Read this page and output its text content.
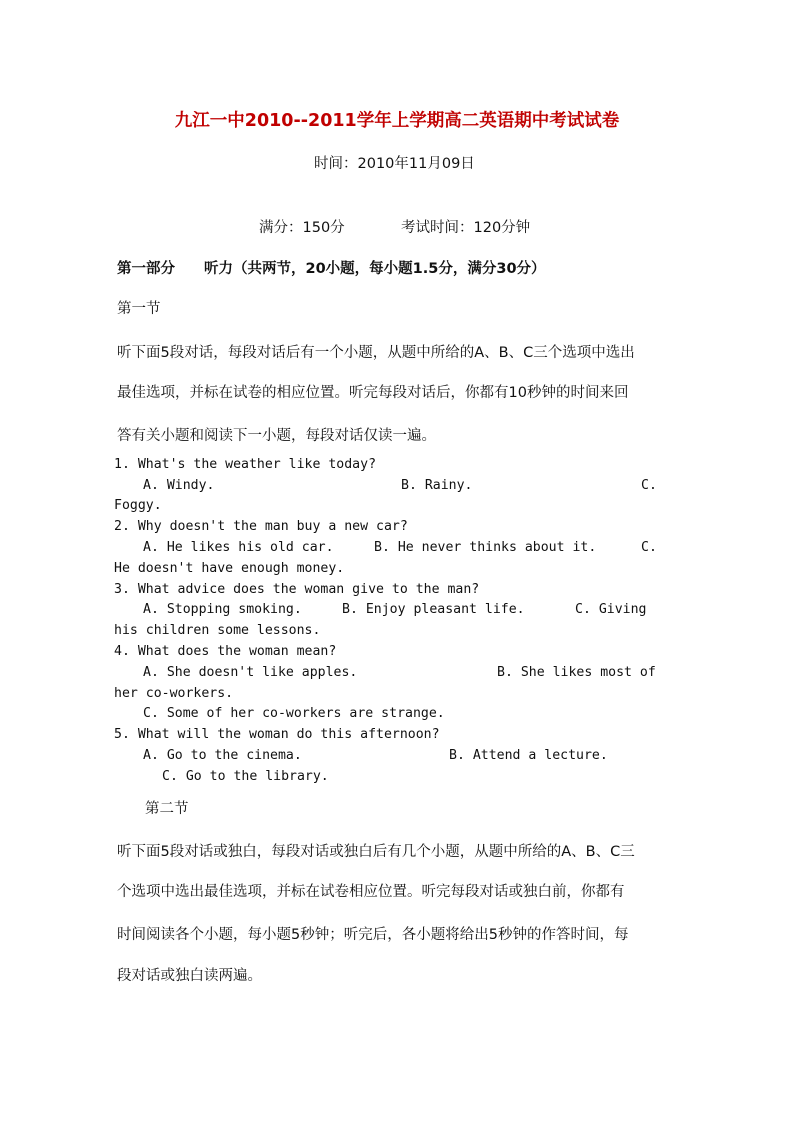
九江一中2010--2011学年上学期高二英语期中考试试卷
时间：2010年11月09日
满分：150分	考试时间：120分钟
第一部分　　听力（共两节，20小题，每小题1.5分，满分30分）
第一节
听下面5段对话，每段对话后有一个小题，从题中所给的A、B、C三个选项中选出
最佳选项，并标在试卷的相应位置。听完每段对话后，你都有10秒钟的时间来回
答有关小题和阅读下一小题，每段对话仅读一遍。
1. What's the weather like today?
A. Windy.	B. Rainy.	C.
Foggy.
2. Why doesn't the man buy a new car?
A. He likes his old car.	B. He never thinks about it.	C.
He doesn't have enough money.
3. What advice does the woman give to the man?
A. Stopping smoking.	B. Enjoy pleasant life.	C. Giving
his children some lessons.
4. What does the woman mean?
A. She doesn't like apples.	B. She likes most of
her co-workers.
C. Some of her co-workers are strange.
5. What will the woman do this afternoon?
A. Go to the cinema.	B. Attend a lecture.
C. Go to the library.
第二节
听下面5段对话或独白，每段对话或独白后有几个小题，从题中所给的A、B、C三
个选项中选出最佳选项，并标在试卷相应位置。听完每段对话或独白前，你都有
时间阅读各个小题，每小题5秒钟；听完后，各小题将给出5秒钟的作答时间，每
段对话或独白读两遍。
